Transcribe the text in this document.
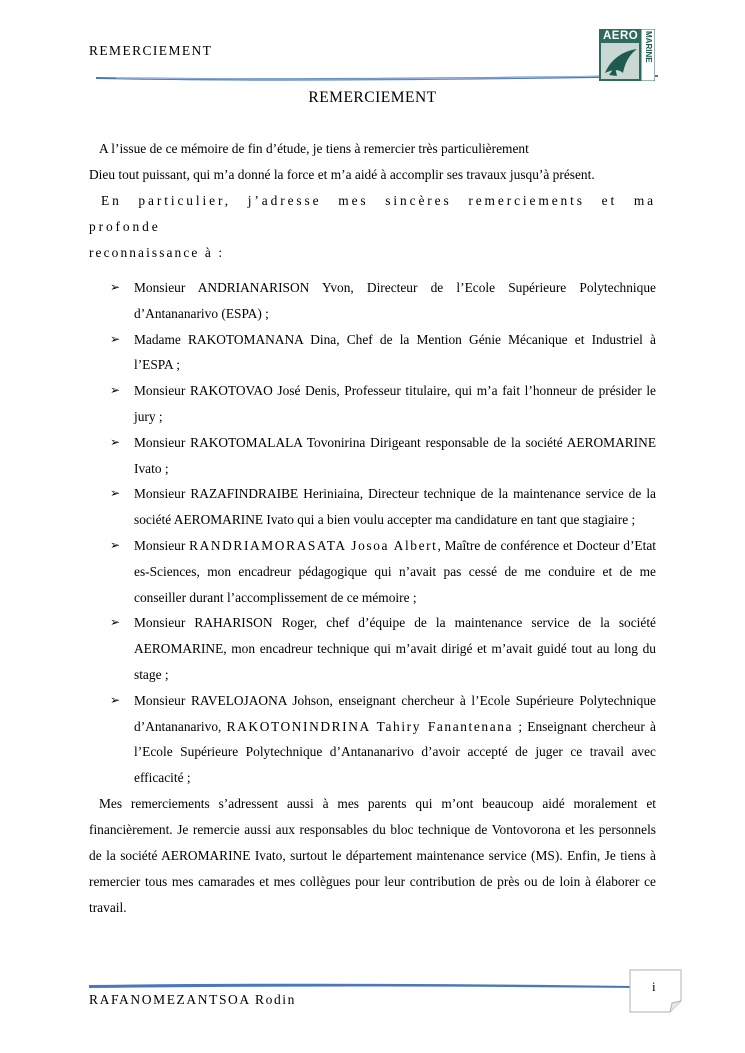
REMERCIEMENT
AERO MARINE
REMERCIEMENT

A l’issue de ce mémoire de fin d’étude, je tiens à remercier très particulièrement

Dieu tout puissant, qui m’a donné la force et m’a aidé à accomplir ses travaux jusqu’à présent.

En particulier, j’adresse mes sincères remerciements et ma profonde

reconnaissance à :

➢ Monsieur ANDRIANARISON Yvon, Directeur de l’Ecole Supérieure Polytechnique d’Antananarivo (ESPA) ;
➢ Madame RAKOTOMANANA Dina, Chef de la Mention Génie Mécanique et Industriel à l’ESPA ;
➢ Monsieur RAKOTOVAO José Denis, Professeur titulaire, qui m’a fait l’honneur de présider le jury ;
➢ Monsieur RAKOTOMALALA Tovonirina Dirigeant responsable de la société AEROMARINE Ivato ;
➢ Monsieur RAZAFINDRAIBE Heriniaina, Directeur technique de la maintenance service de la société AEROMARINE Ivato qui a bien voulu accepter ma candidature en tant que stagiaire ;
➢ Monsieur RANDRIAMORASATA Josoa Albert, Maître de conférence et Docteur d’Etat es-Sciences, mon encadreur pédagogique qui n’avait pas cessé de me conduire et de me conseiller durant l’accomplissement de ce mémoire ;
➢ Monsieur RAHARISON Roger, chef d’équipe de la maintenance service de la société AEROMARINE, mon encadreur technique qui m’avait dirigé et m’avait guidé tout au long du stage ;
➢ Monsieur RAVELOJAONA Johson, enseignant chercheur à l’Ecole Supérieure Polytechnique d’Antananarivo, RAKOTONINDRINA Tahiry Fanantenana ; Enseignant chercheur à l’Ecole Supérieure Polytechnique d’Antananarivo d’avoir accepté de juger ce travail avec efficacité ;

Mes remerciements s’adressent aussi à mes parents qui m’ont beaucoup aidé moralement et financièrement. Je remercie aussi aux responsables du bloc technique de Vontovorona et les personnels de la société AEROMARINE Ivato, surtout le département maintenance service (MS). Enfin, Je tiens à remercier tous mes camarades et mes collègues pour leur contribution de près ou de loin à élaborer ce travail.

i
RAFANOMEZANTSOA Rodin
